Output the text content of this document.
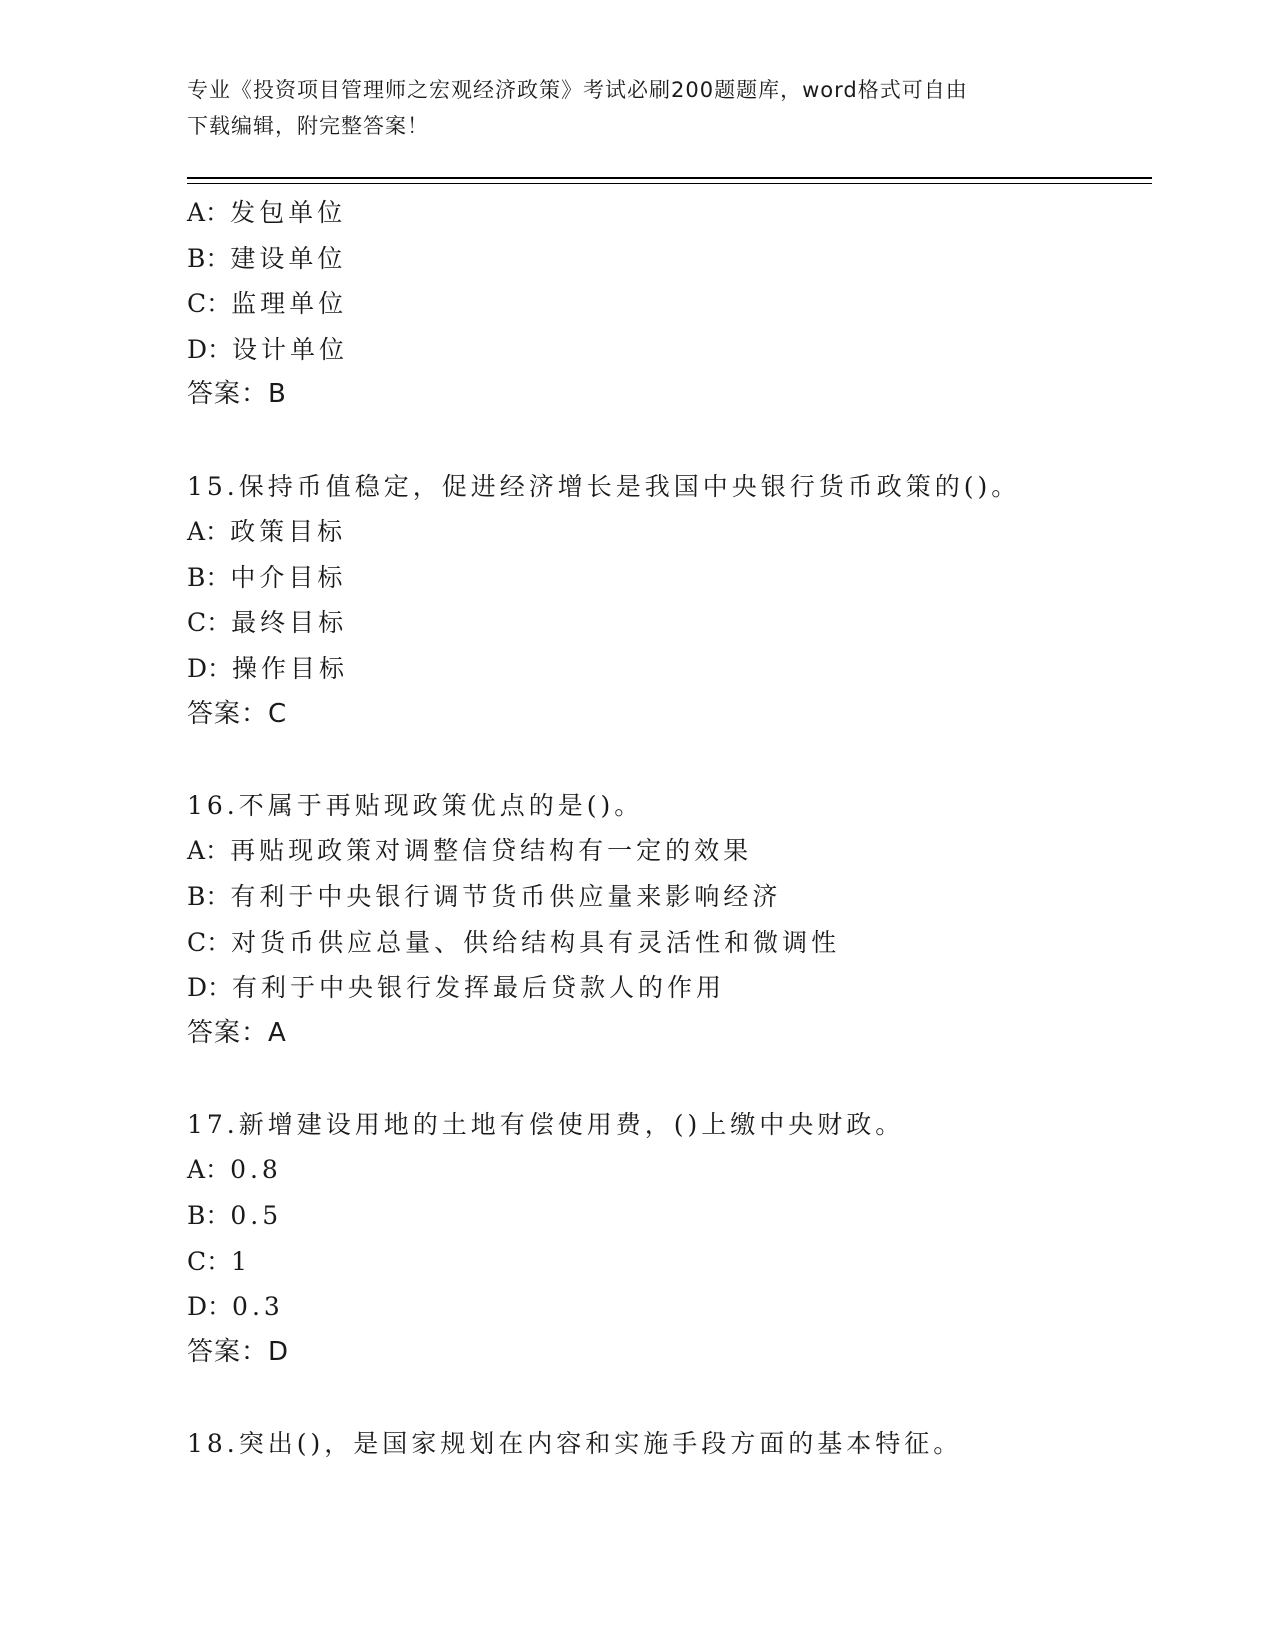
专业《投资项目管理师之宏观经济政策》考试必刷200题题库，word格式可自由
下载编辑，附完整答案！
A：发包单位
B：建设单位
C：监理单位
D：设计单位
答案：B
15.保持币值稳定，促进经济增长是我国中央银行货币政策的()。
A：政策目标
B：中介目标
C：最终目标
D：操作目标
答案：C
16.不属于再贴现政策优点的是()。
A：再贴现政策对调整信贷结构有一定的效果
B：有利于中央银行调节货币供应量来影响经济
C：对货币供应总量、供给结构具有灵活性和微调性
D：有利于中央银行发挥最后贷款人的作用
答案：A
17.新增建设用地的土地有偿使用费，()上缴中央财政。
A：0.8
B：0.5
C：1
D：0.3
答案：D
18.突出()，是国家规划在内容和实施手段方面的基本特征。
